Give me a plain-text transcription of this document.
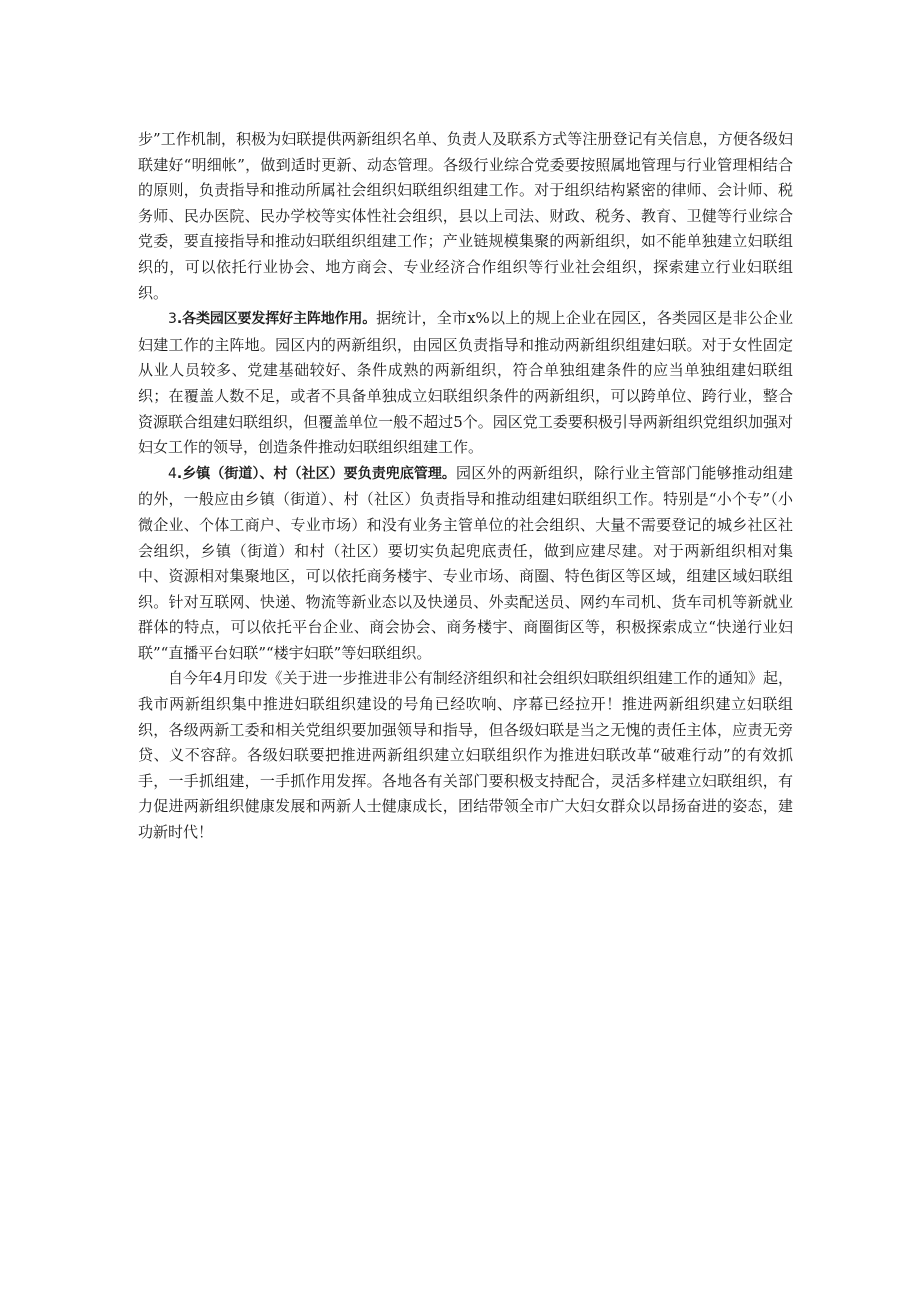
步”工作机制，积极为妇联提供两新组织名单、负责人及联系方式等注册登记有关信息，方便各级妇联建好“明细帐”，做到适时更新、动态管理。各级行业综合党委要按照属地管理与行业管理相结合的原则，负责指导和推动所属社会组织妇联组织组建工作。对于组织结构紧密的律师、会计师、税务师、民办医院、民办学校等实体性社会组织，县以上司法、财政、税务、教育、卫健等行业综合党委，要直接指导和推动妇联组织组建工作；产业链规模集聚的两新组织，如不能单独建立妇联组织的，可以依托行业协会、地方商会、专业经济合作组织等行业社会组织，探索建立行业妇联组织。

3.各类园区要发挥好主阵地作用。据统计，全市x%以上的规上企业在园区，各类园区是非公企业妇建工作的主阵地。园区内的两新组织，由园区负责指导和推动两新组织组建妇联。对于女性固定从业人员较多、党建基础较好、条件成熟的两新组织，符合单独组建条件的应当单独组建妇联组织；在覆盖人数不足，或者不具备单独成立妇联组织条件的两新组织，可以跨单位、跨行业，整合资源联合组建妇联组织，但覆盖单位一般不超过5个。园区党工委要积极引导两新组织党组织加强对妇女工作的领导，创造条件推动妇联组织组建工作。

4.乡镇（街道）、村（社区）要负责兜底管理。园区外的两新组织，除行业主管部门能够推动组建的外，一般应由乡镇（街道）、村（社区）负责指导和推动组建妇联组织工作。特别是“小个专”（小微企业、个体工商户、专业市场）和没有业务主管单位的社会组织、大量不需要登记的城乡社区社会组织，乡镇（街道）和村（社区）要切实负起兜底责任，做到应建尽建。对于两新组织相对集中、资源相对集聚地区，可以依托商务楼宇、专业市场、商圈、特色街区等区域，组建区域妇联组织。针对互联网、快递、物流等新业态以及快递员、外卖配送员、网约车司机、货车司机等新就业群体的特点，可以依托平台企业、商会协会、商务楼宇、商圈街区等，积极探索成立“快递行业妇联”“直播平台妇联”“楼宇妇联”等妇联组织。

自今年4月印发《关于进一步推进非公有制经济组织和社会组织妇联组织组建工作的通知》起，我市两新组织集中推进妇联组织建设的号角已经吹响、序幕已经拉开！推进两新组织建立妇联组织，各级两新工委和相关党组织要加强领导和指导，但各级妇联是当之无愧的责任主体，应责无旁贷、义不容辞。各级妇联要把推进两新组织建立妇联组织作为推进妇联改革“破难行动”的有效抓手，一手抓组建，一手抓作用发挥。各地各有关部门要积极支持配合，灵活多样建立妇联组织，有力促进两新组织健康发展和两新人士健康成长，团结带领全市广大妇女群众以昂扬奋进的姿态，建功新时代！
